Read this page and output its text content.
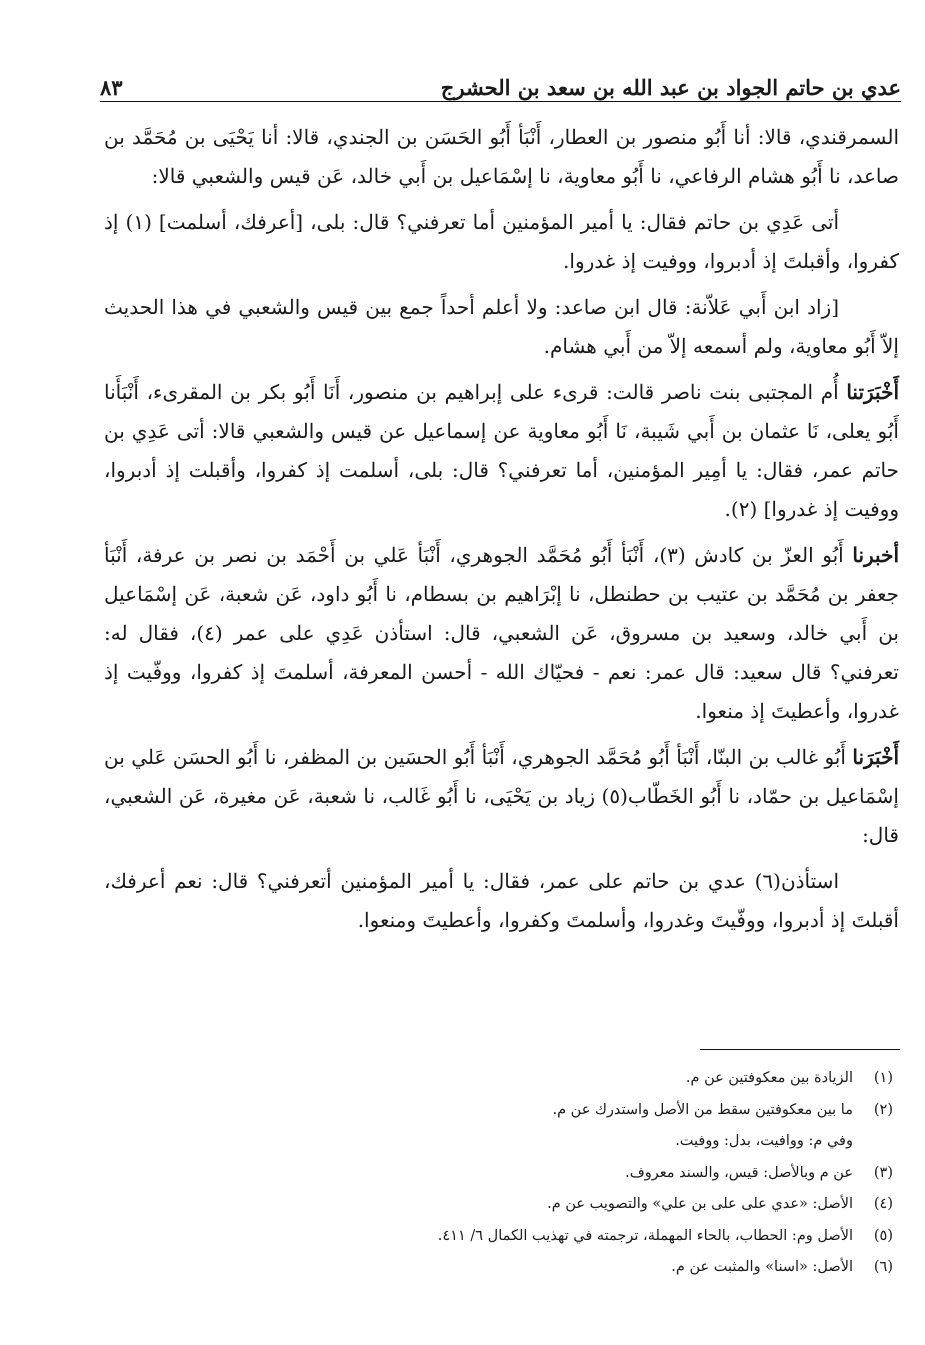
عدي بن حاتم الجواد بن عبد الله بن سعد بن الحشرج
٨٣

السمرقندي، قالا: أنا أَبُو منصور بن العطار، أَنْبَأ أَبُو الحَسَن بن الجندي، قالا: أنا يَحْيَى بن مُحَمَّد بن صاعد، نا أَبُو هشام الرفاعي، نا أَبُو معاوية، نا إسْمَاعيل بن أَبي خالد، عَن قيس والشعبي قالا:

أتى عَدِي بن حاتم فقال: يا أمير المؤمنين أما تعرفني؟ قال: بلى، [أعرفك، أسلمت] (١) إذ كفروا، وأقبلتَ إذ أدبروا، ووفيت إذ غدروا.

[زاد ابن أَبي عَلاّنة: قال ابن صاعد: ولا أعلم أحداً جمع بين قيس والشعبي في هذا الحديث إلاّ أَبُو معاوية، ولم أسمعه إلاّ من أَبي هشام.

أَخْبَرَتنا أُم المجتبى بنت ناصر قالت: قرىء على إبراهيم بن منصور، أَنَا أَبُو بكر بن المقرىء، أَنْبَأَنا أَبُو يعلى، نَا عثمان بن أَبي شَيبة، نَا أَبُو معاوية عن إسماعيل عن قيس والشعبي قالا: أتى عَدِي بن حاتم عمر، فقال: يا أمِير المؤمنين، أما تعرفني؟ قال: بلى، أسلمت إذ كفروا، وأقبلت إذ أدبروا، ووفيت إذ غدروا] (٢).

أخبرنا أَبُو العزّ بن كادش (٣)، أَنْبَأ أَبُو مُحَمَّد الجوهري، أَنْبَأ عَلي بن أَحْمَد بن نصر بن عرفة، أَنْبَأ جعفر بن مُحَمَّد بن عتيب بن حطنطل، نا إبْرَاهيم بن بسطام، نا أَبُو داود، عَن شعبة، عَن إسْمَاعيل بن أَبي خالد، وسعيد بن مسروق، عَن الشعبي، قال: استأذن عَدِي على عمر (٤)، فقال له: تعرفني؟ قال سعيد: قال عمر: نعم - فحيّاك الله - أحسن المعرفة، أسلمتَ إذ كفروا، ووفّيت إذ غدروا، وأعطيتَ إذ منعوا.

أَخْبَرَنا أَبُو غالب بن البنّا، أَنْبَأ أَبُو مُحَمَّد الجوهري، أَنْبَأ أَبُو الحسَين بن المظفر، نا أَبُو الحسَن عَلي بن إسْمَاعيل بن حمّاد، نا أَبُو الخَطّاب(٥) زياد بن يَحْيَى، نا أَبُو غَالب، نا شعبة، عَن مغيرة، عَن الشعبي، قال:

استأذن(٦) عدي بن حاتم على عمر، فقال: يا أمير المؤمنين أتعرفني؟ قال: نعم أعرفك، أقبلتَ إذ أدبروا، ووفّيتَ وغدروا، وأسلمتَ وكفروا، وأعطيتَ ومنعوا.

(١)
الزيادة بين معكوفتين عن م.
(٢)
ما بين معكوفتين سقط من الأصل واستدرك عن م.
وفي م: ووافيت، بدل: ووفيت.
(٣)
عن م وبالأصل: قيس، والسند معروف.
(٤)
الأصل: «عدي على على بن علي» والتصويب عن م.
(٥)
الأصل وم: الحطاب، بالحاء المهملة، ترجمته في تهذيب الكمال ٦/ ٤١١.
(٦)
الأصل: «اسنا» والمثبت عن م.
